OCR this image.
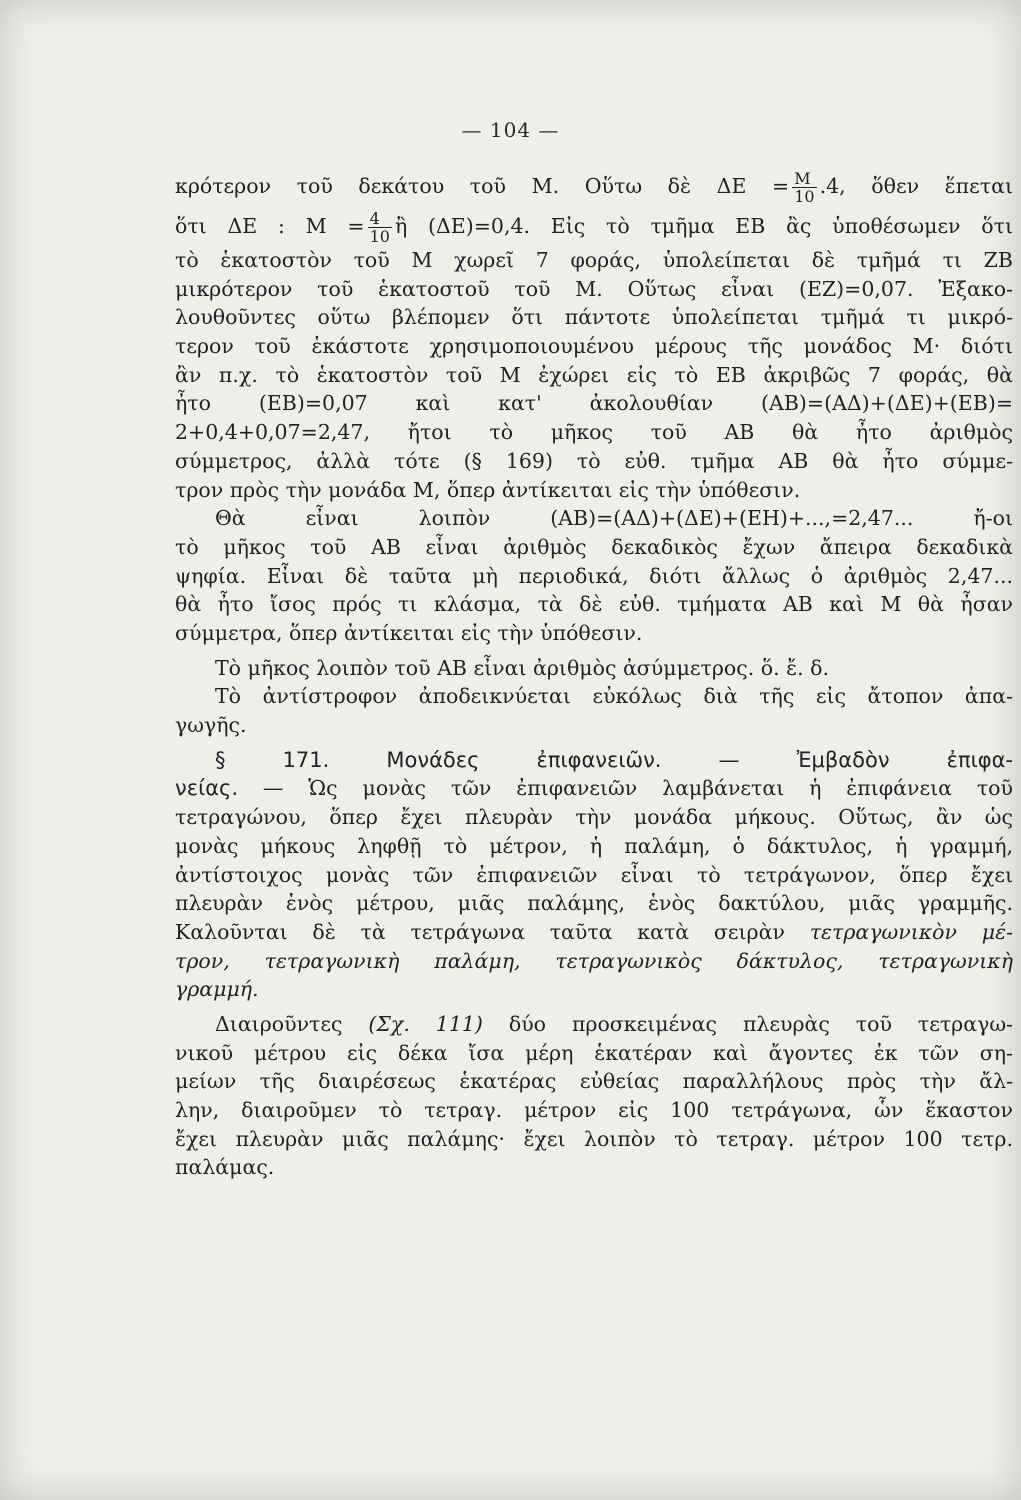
— 104 —
κρότερον τοῦ δεκάτου τοῦ Μ. Οὕτω δὲ $\Delta E = \frac{M}{10} .4$, ὅθεν ἕπεται
ὅτι ΔΕ : $M = \frac{4}{10}$ ἢ (ΔΕ)=0,4. Εἰς τὸ τμῆμα ΕΒ ἂς ὑποθέσωμεν ὅτι

τὸ ἑκατοστὸν τοῦ Μ χωρεῖ 7 φοράς, ὑπολείπεται δὲ τμῆμά τι ΖΒ
μικρότερον τοῦ ἑκατοστοῦ τοῦ Μ. Οὕτως εἶναι (ΕΖ)=0,07. Ἐξακο-
λουθοῦντες οὕτω βλέπομεν ὅτι πάντοτε ὑπολείπεται τμῆμά τι μικρό-
τερον τοῦ ἑκάστοτε χρησιμοποιουμένου μέρους τῆς μονάδος Μ· διότι
ἂν π.χ. τὸ ἑκατοστὸν τοῦ Μ ἐχώρει εἰς τὸ ΕΒ ἀκριβῶς 7 φοράς, θὰ
ἦτο (ΕΒ)=0,07 καὶ κατ' ἀκολουθίαν (ΑΒ)=(ΑΔ)+(ΔΕ)+(ΕΒ)=
2+0,4+0,07=2,47, ἤτοι τὸ μῆκος τοῦ ΑΒ θὰ ἦτο ἀριθμὸς
σύμμετρος, ἀλλὰ τότε (§ 169) τὸ εὐθ. τμῆμα ΑΒ θὰ ἦτο σύμμε-
τρον πρὸς τὴν μονάδα Μ, ὅπερ ἀντίκειται εἰς τὴν ὑπόθεσιν.

Θὰ εἶναι λοιπὸν (ΑΒ)=(ΑΔ)+(ΔΕ)+(ΕΗ)+...,=2,47... ἤ-οι
τὸ μῆκος τοῦ ΑΒ εἶναι ἀριθμὸς δεκαδικὸς ἔχων ἄπειρα δεκαδικὰ
ψηφία. Εἶναι δὲ ταῦτα μὴ περιοδικά, διότι ἄλλως ὁ ἀριθμὸς 2,47...
θὰ ἦτο ἴσος πρός τι κλάσμα, τὰ δὲ εὐθ. τμήματα ΑΒ καὶ Μ θὰ ἦσαν
σύμμετρα, ὅπερ ἀντίκειται εἰς τὴν ὑπόθεσιν.

Τὸ μῆκος λοιπὸν τοῦ ΑΒ εἶναι ἀριθμὸς ἀσύμμετρος. ὅ. ἔ. δ.

Τὸ ἀντίστροφον ἀποδεικνύεται εὐκόλως διὰ τῆς εἰς ἄτοπον ἀπα-
γωγῆς.

§ 171. Μονάδες ἐπιφανειῶν. — Ἐμβαδὸν ἐπιφα-
νείας. — Ὡς μονὰς τῶν ἐπιφανειῶν λαμβάνεται ἡ ἐπιφάνεια τοῦ
τετραγώνου, ὅπερ ἔχει πλευρὰν τὴν μονάδα μήκους. Οὕτως, ἂν ὡς
μονὰς μήκους ληφθῇ τὸ μέτρον, ἡ παλάμη, ὁ δάκτυλος, ἡ γραμμή,
ἀντίστοιχος μονὰς τῶν ἐπιφανειῶν εἶναι τὸ τετράγωνον, ὅπερ ἔχει
πλευρὰν ἑνὸς μέτρου, μιᾶς παλάμης, ἑνὸς δακτύλου, μιᾶς γραμμῆς.
Καλοῦνται δὲ τὰ τετράγωνα ταῦτα κατὰ σειρὰν τετραγωνικὸν μέ-
τρον, τετραγωνικὴ παλάμη, τετραγωνικὸς δάκτυλος, τετραγωνικὴ
γραμμή.

Διαιροῦντες (Σχ. 111) δύο προσκειμένας πλευρὰς τοῦ τετραγω-
νικοῦ μέτρου εἰς δέκα ἴσα μέρη ἑκατέραν καὶ ἄγοντες ἐκ τῶν ση-
μείων τῆς διαιρέσεως ἑκατέρας εὐθείας παραλλήλους πρὸς τὴν ἄλ-
λην, διαιροῦμεν τὸ τετραγ. μέτρον εἰς 100 τετράγωνα, ὧν ἕκαστον
ἔχει πλευρὰν μιᾶς παλάμης· ἔχει λοιπὸν τὸ τετραγ. μέτρον 100 τετρ.
παλάμας.
